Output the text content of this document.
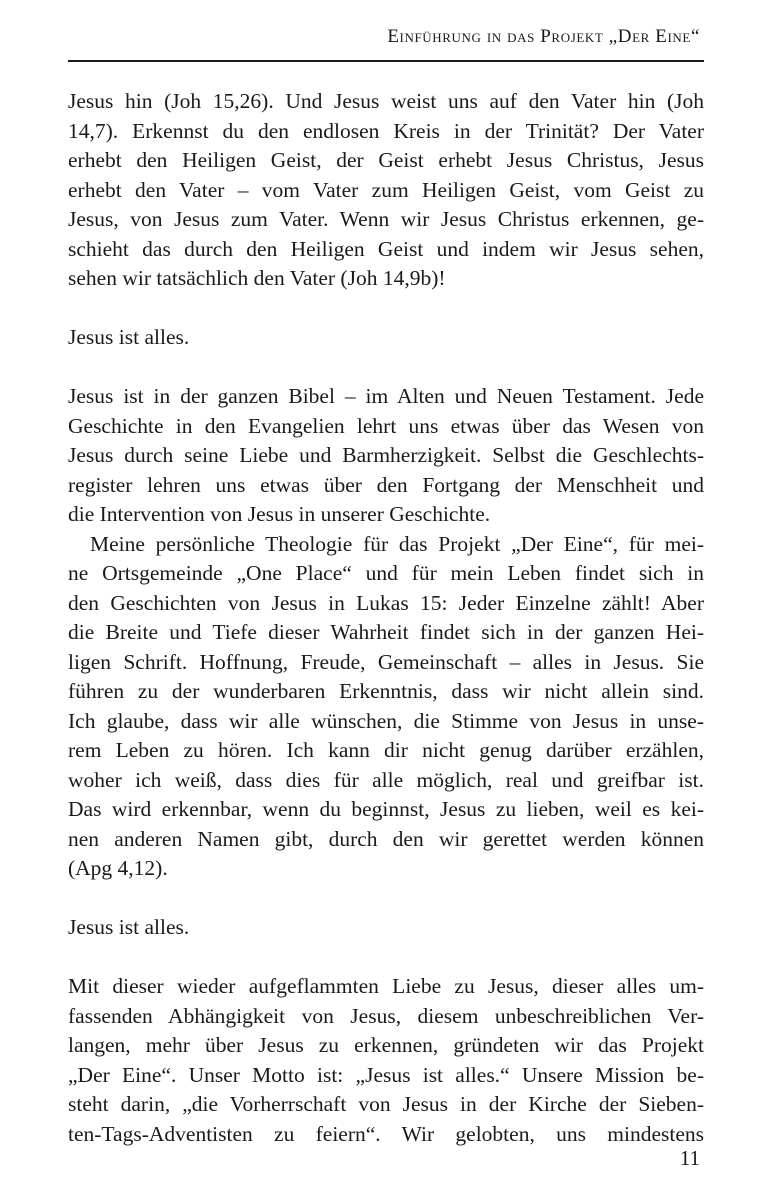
Einführung in das Projekt „Der Eine“
Jesus hin (Joh 15,26). Und Jesus weist uns auf den Vater hin (Joh
14,7). Erkennst du den endlosen Kreis in der Trinität? Der Vater
erhebt den Heiligen Geist, der Geist erhebt Jesus Christus, Jesus
erhebt den Vater – vom Vater zum Heiligen Geist, vom Geist zu
Jesus, von Jesus zum Vater. Wenn wir Jesus Christus erkennen, ge-
schieht das durch den Heiligen Geist und indem wir Jesus sehen,
sehen wir tatsächlich den Vater (Joh 14,9b)!
Jesus ist alles.
Jesus ist in der ganzen Bibel – im Alten und Neuen Testament. Jede
Geschichte in den Evangelien lehrt uns etwas über das Wesen von
Jesus durch seine Liebe und Barmherzigkeit. Selbst die Geschlechts-
register lehren uns etwas über den Fortgang der Menschheit und
die Intervention von Jesus in unserer Geschichte.
Meine persönliche Theologie für das Projekt „Der Eine“, für mei-
ne Ortsgemeinde „One Place“ und für mein Leben findet sich in
den Geschichten von Jesus in Lukas 15: Jeder Einzelne zählt! Aber
die Breite und Tiefe dieser Wahrheit findet sich in der ganzen Hei-
ligen Schrift. Hoffnung, Freude, Gemeinschaft – alles in Jesus. Sie
führen zu der wunderbaren Erkenntnis, dass wir nicht allein sind.
Ich glaube, dass wir alle wünschen, die Stimme von Jesus in unse-
rem Leben zu hören. Ich kann dir nicht genug darüber erzählen,
woher ich weiß, dass dies für alle möglich, real und greifbar ist.
Das wird erkennbar, wenn du beginnst, Jesus zu lieben, weil es kei-
nen anderen Namen gibt, durch den wir gerettet werden können
(Apg 4,12).
Jesus ist alles.
Mit dieser wieder aufgeflammten Liebe zu Jesus, dieser alles um-
fassenden Abhängigkeit von Jesus, diesem unbeschreiblichen Ver-
langen, mehr über Jesus zu erkennen, gründeten wir das Projekt
„Der Eine“. Unser Motto ist: „Jesus ist alles.“ Unsere Mission be-
steht darin, „die Vorherrschaft von Jesus in der Kirche der Sieben-
ten-Tags-Adventisten zu feiern“. Wir gelobten, uns mindestens
11
